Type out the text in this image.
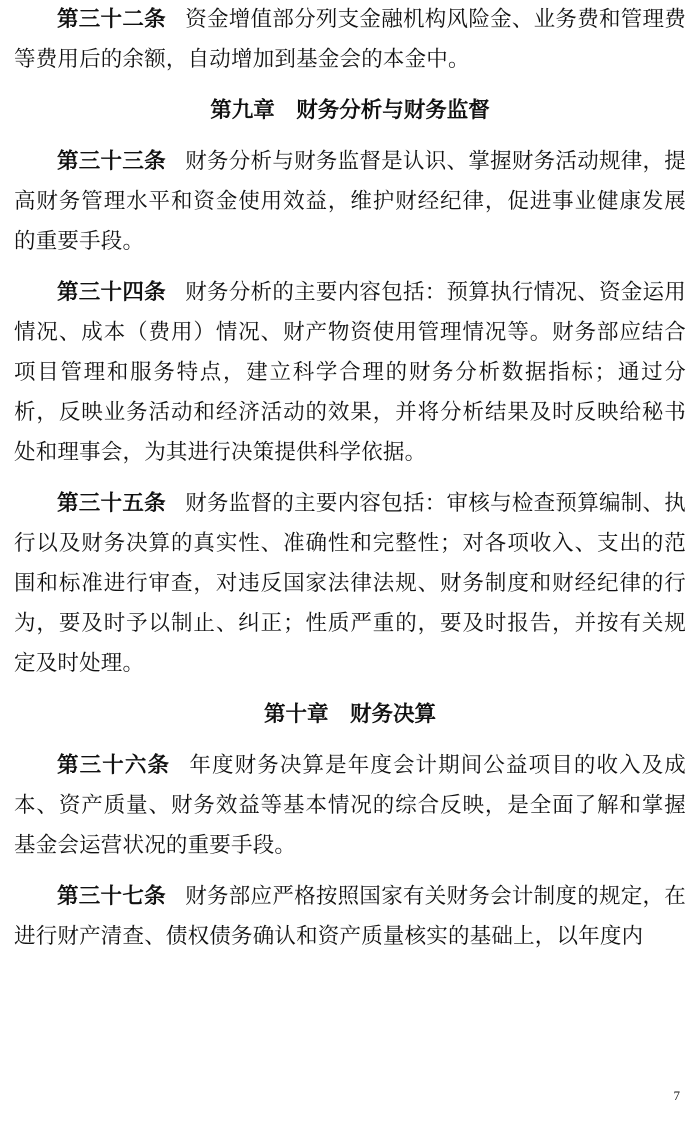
第三十二条 资金增值部分列支金融机构风险金、业务费和管理费等费用后的余额，自动增加到基金会的本金中。

第九章 财务分析与财务监督

第三十三条 财务分析与财务监督是认识、掌握财务活动规律，提高财务管理水平和资金使用效益，维护财经纪律，促进事业健康发展的重要手段。

第三十四条 财务分析的主要内容包括：预算执行情况、资金运用情况、成本（费用）情况、财产物资使用管理情况等。财务部应结合项目管理和服务特点，建立科学合理的财务分析数据指标；通过分析，反映业务活动和经济活动的效果，并将分析结果及时反映给秘书处和理事会，为其进行决策提供科学依据。

第三十五条 财务监督的主要内容包括：审核与检查预算编制、执行以及财务决算的真实性、准确性和完整性；对各项收入、支出的范围和标准进行审查，对违反国家法律法规、财务制度和财经纪律的行为，要及时予以制止、纠正；性质严重的，要及时报告，并按有关规定及时处理。

第十章 财务决算

第三十六条 年度财务决算是年度会计期间公益项目的收入及成本、资产质量、财务效益等基本情况的综合反映，是全面了解和掌握基金会运营状况的重要手段。

第三十七条 财务部应严格按照国家有关财务会计制度的规定，在进行财产清查、债权债务确认和资产质量核实的基础上，以年度内

7
